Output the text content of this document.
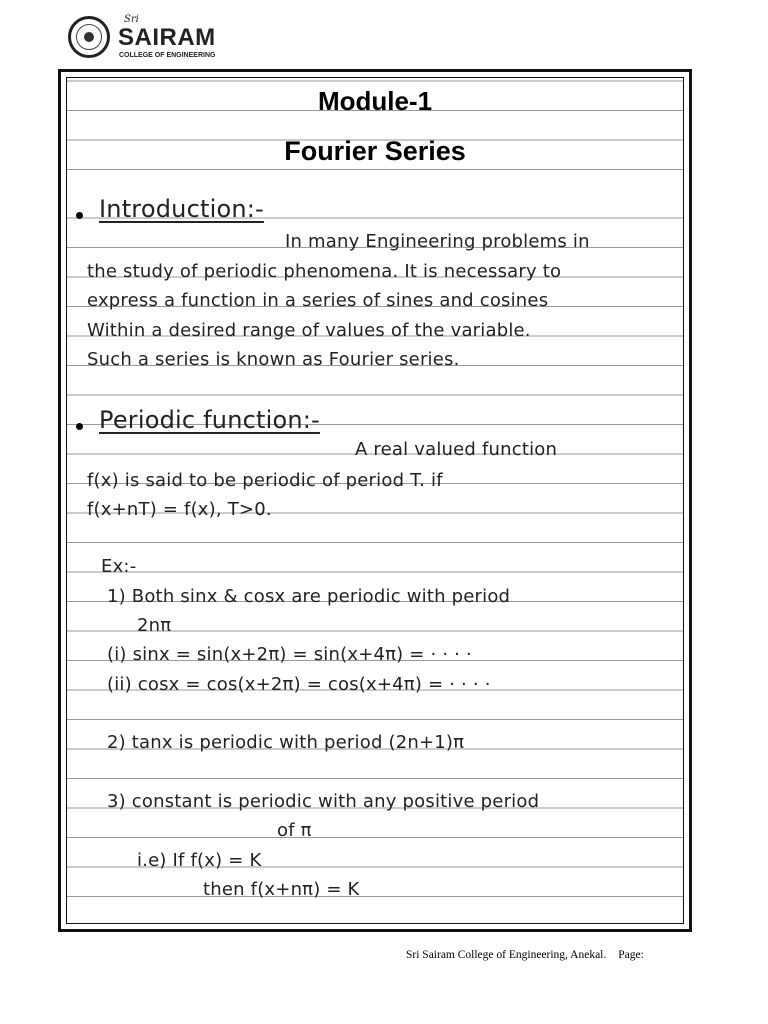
Sri
SAIRAM
COLLEGE OF ENGINEERING
Module-1
Fourier Series
Introduction:-
In many Engineering problems in
the study of periodic phenomena. It is necessary to
express a function in a series of sines and cosines
Within a desired range of values of the variable.
Such a series is known as Fourier series.
Periodic function:-
A real valued function
f(x) is said to be periodic of period T. if
f(x+nT) = f(x), T>0.
Ex:-
1) Both sinx & cosx are periodic with period
2nπ
(i) sinx = sin(x+2π) = sin(x+4π) = · · · ·
(ii) cosx = cos(x+2π) = cos(x+4π) = · · · ·
2) tanx is periodic with period (2n+1)π
3) constant is periodic with any positive period
of π
i.e) If f(x) = K
then f(x+nπ) = K
Sri Sairam College of Engineering, Anekal. Page:
